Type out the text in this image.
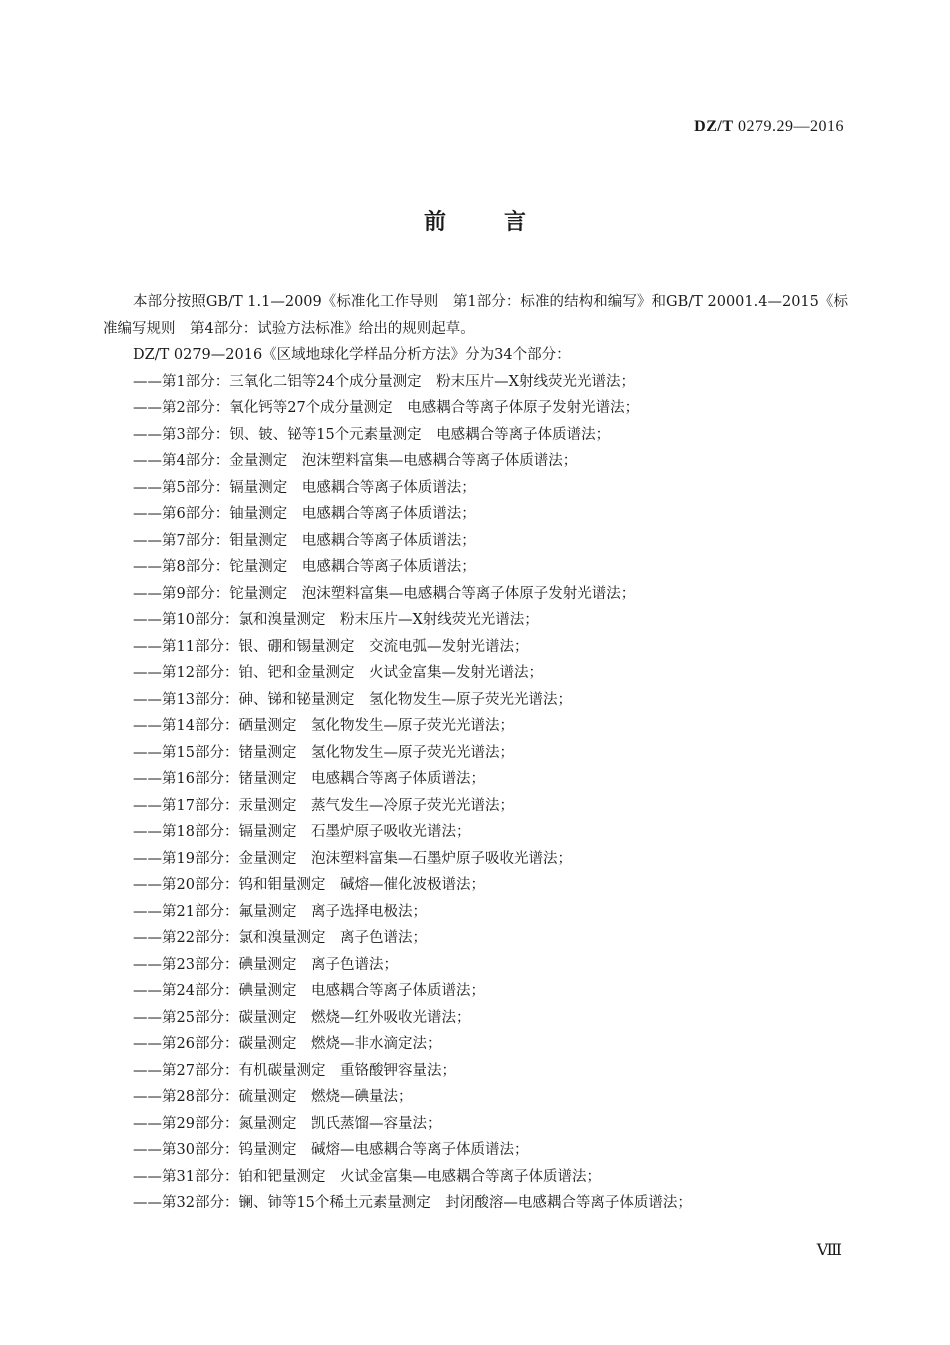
DZ/T 0279.29—2016
前	言

本部分按照GB/T 1.1—2009《标准化工作导则　第1部分：标准的结构和编写》和GB/T 20001.4—2015《标准编写规则　第4部分：试验方法标准》给出的规则起草。

DZ/T 0279—2016《区域地球化学样品分析方法》分为34个部分：

——第1部分：三氧化二铝等24个成分量测定　粉末压片—X射线荧光光谱法；
——第2部分：氧化钙等27个成分量测定　电感耦合等离子体原子发射光谱法；
——第3部分：钡、铍、铋等15个元素量测定　电感耦合等离子体质谱法；
——第4部分：金量测定　泡沫塑料富集—电感耦合等离子体质谱法；
——第5部分：镉量测定　电感耦合等离子体质谱法；
——第6部分：铀量测定　电感耦合等离子体质谱法；
——第7部分：钼量测定　电感耦合等离子体质谱法；
——第8部分：铊量测定　电感耦合等离子体质谱法；
——第9部分：铊量测定　泡沫塑料富集—电感耦合等离子体原子发射光谱法；
——第10部分：氯和溴量测定　粉末压片—X射线荧光光谱法；
——第11部分：银、硼和锡量测定　交流电弧—发射光谱法；
——第12部分：铂、钯和金量测定　火试金富集—发射光谱法；
——第13部分：砷、锑和铋量测定　氢化物发生—原子荧光光谱法；
——第14部分：硒量测定　氢化物发生—原子荧光光谱法；
——第15部分：锗量测定　氢化物发生—原子荧光光谱法；
——第16部分：锗量测定　电感耦合等离子体质谱法；
——第17部分：汞量测定　蒸气发生—冷原子荧光光谱法；
——第18部分：镉量测定　石墨炉原子吸收光谱法；
——第19部分：金量测定　泡沫塑料富集—石墨炉原子吸收光谱法；
——第20部分：钨和钼量测定　碱熔—催化波极谱法；
——第21部分：氟量测定　离子选择电极法；
——第22部分：氯和溴量测定　离子色谱法；
——第23部分：碘量测定　离子色谱法；
——第24部分：碘量测定　电感耦合等离子体质谱法；
——第25部分：碳量测定　燃烧—红外吸收光谱法；
——第26部分：碳量测定　燃烧—非水滴定法；
——第27部分：有机碳量测定　重铬酸钾容量法；
——第28部分：硫量测定　燃烧—碘量法；
——第29部分：氮量测定　凯氏蒸馏—容量法；
——第30部分：钨量测定　碱熔—电感耦合等离子体质谱法；
——第31部分：铂和钯量测定　火试金富集—电感耦合等离子体质谱法；
——第32部分：镧、铈等15个稀土元素量测定　封闭酸溶—电感耦合等离子体质谱法；
Ⅷ
